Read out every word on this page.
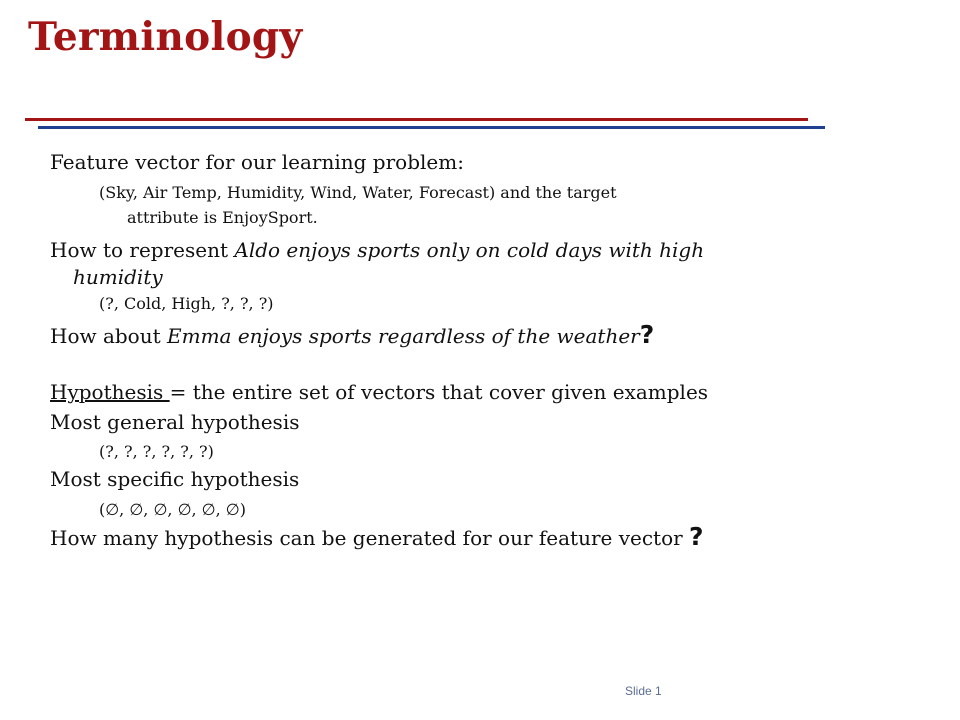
Terminology
Feature vector for our learning problem:
(Sky, Air Temp, Humidity, Wind, Water, Forecast) and the target
attribute is EnjoySport.
How to represent Aldo enjoys sports only on cold days with high
humidity
(?, Cold, High, ?, ?, ?)
How about Emma enjoys sports regardless of the weather?
Hypothesis = the entire set of vectors that cover given examples
Most general hypothesis
(?, ?, ?, ?, ?, ?)
Most specific hypothesis
(∅, ∅, ∅, ∅, ∅, ∅)
How many hypothesis can be generated for our feature vector ?
Slide 1
